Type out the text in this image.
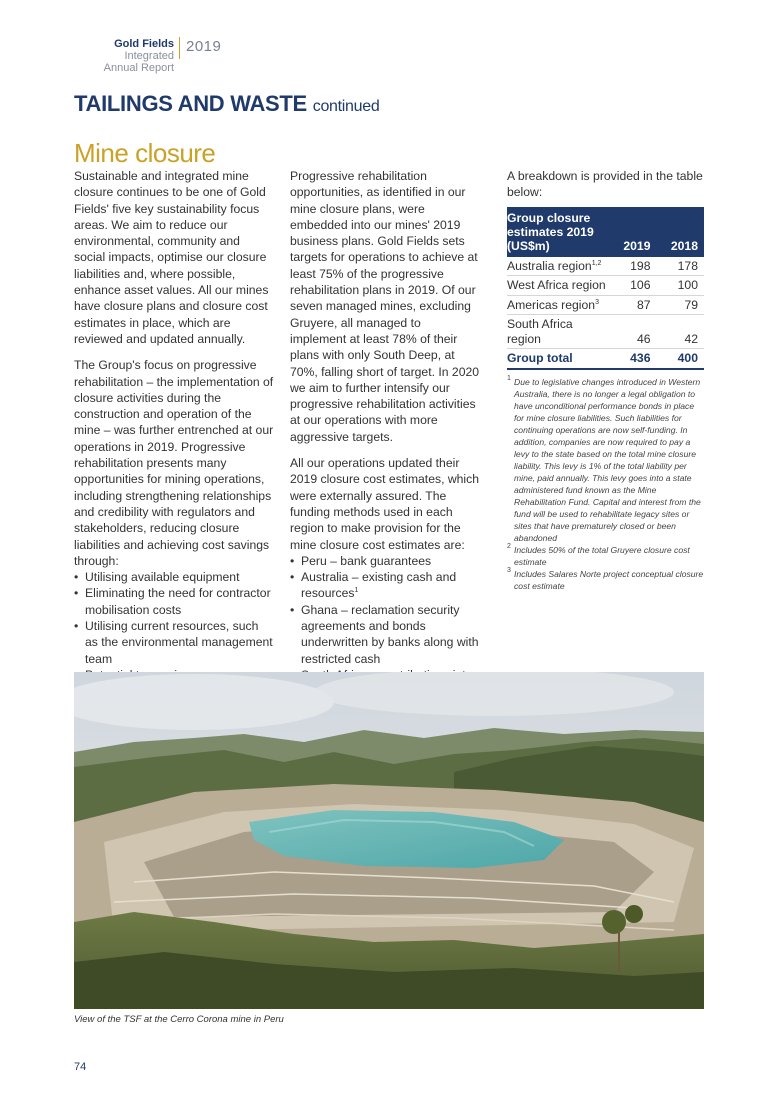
Gold Fields Integrated
Annual Report
2019
TAILINGS AND WASTE continued
Mine closure

Sustainable and integrated mine closure continues to be one of Gold Fields' five key sustainability focus areas. We aim to reduce our environmental, community and social impacts, optimise our closure liabilities and, where possible, enhance asset values. All our mines have closure plans and closure cost estimates in place, which are reviewed and updated annually.

The Group's focus on progressive rehabilitation – the implementation of closure activities during the construction and operation of the mine – was further entrenched at our operations in 2019. Progressive rehabilitation presents many opportunities for mining operations, including strengthening relationships and credibility with regulators and stakeholders, reducing closure liabilities and achieving cost savings through:

• Utilising available equipment
• Eliminating the need for contractor mobilisation costs
• Utilising current resources, such as the environmental management team
•
•

Progressive rehabilitation opportunities, as identified in our mine closure plans, were embedded into our mines' 2019 business plans. Gold Fields sets targets for operations to achieve at least 75% of the progressive rehabilitation plans in 2019. Of our seven managed mines, excluding Gruyere, all managed to implement at least 78% of their plans with only South Deep, at 70%, falling short of target. In 2020 we aim to further intensify our progressive rehabilitation activities at our operations with more aggressive targets.

All our operations updated their 2019 closure cost estimates, which were externally assured. The funding methods used in each region to make provision for the mine closure cost estimates are:

• Peru – bank guarantees
• Australia – existing cash and resources$^1$
• Ghana – reclamation security agreements and bonds underwritten by banks along with restricted cash
•

A breakdown is provided in the table below:

Group closure estimates 2019 (US$m)	2019	2018
Australia region$^{1,2}$	198	178
West Africa region	106	100
Americas region$^3$	87	79
South Africa region	46	42
Group total	436	400
1 Due to legislative changes introduced in Western Australia, there is no longer a legal obligation to have unconditional performance bonds in place for mine closure liabilities. Such liabilities for continuing operations are now self-funding. In addition, companies are now required to pay a levy to the state based on the total mine closure liability. This levy is 1% of the total liability per mine, paid annually. This levy goes into a state administered fund known as the Mine Rehabilitation Fund. Capital and interest from the fund will be used to rehabilitate legacy sites or sites that have prematurely closed or been abandoned
2 Includes 50% of the total Gruyere closure cost estimate
3 Includes Salares Norte project conceptual closure cost estimate
View of the TSF at the Cerro Corona mine in Peru
74
